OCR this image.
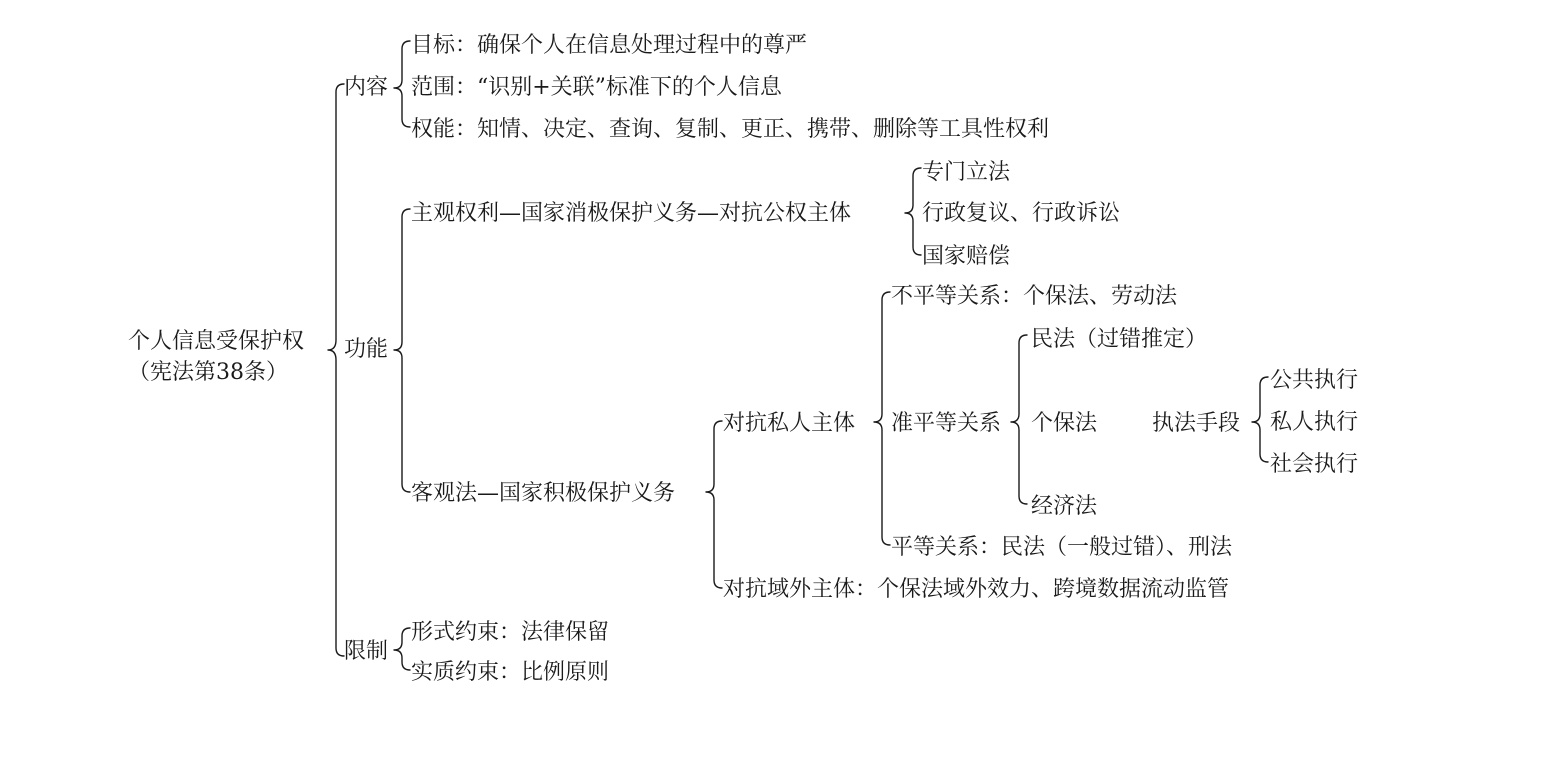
个人信息受保护权
（宪法第38条）
内容
目标：确保个人在信息处理过程中的尊严
范围：“识别+关联”标准下的个人信息
权能：知情、决定、查询、复制、更正、携带、删除等工具性权利
功能
主观权利—国家消极保护义务—对抗公权主体
专门立法
行政复议、行政诉讼
国家赔偿
客观法—国家积极保护义务
对抗私人主体
不平等关系：个保法、劳动法
准平等关系
民法（过错推定）
个保法 执法手段
公共执行
私人执行
社会执行
经济法
平等关系：民法（一般过错）、刑法
对抗域外主体：个保法域外效力、跨境数据流动监管
限制
形式约束：法律保留
实质约束：比例原则
